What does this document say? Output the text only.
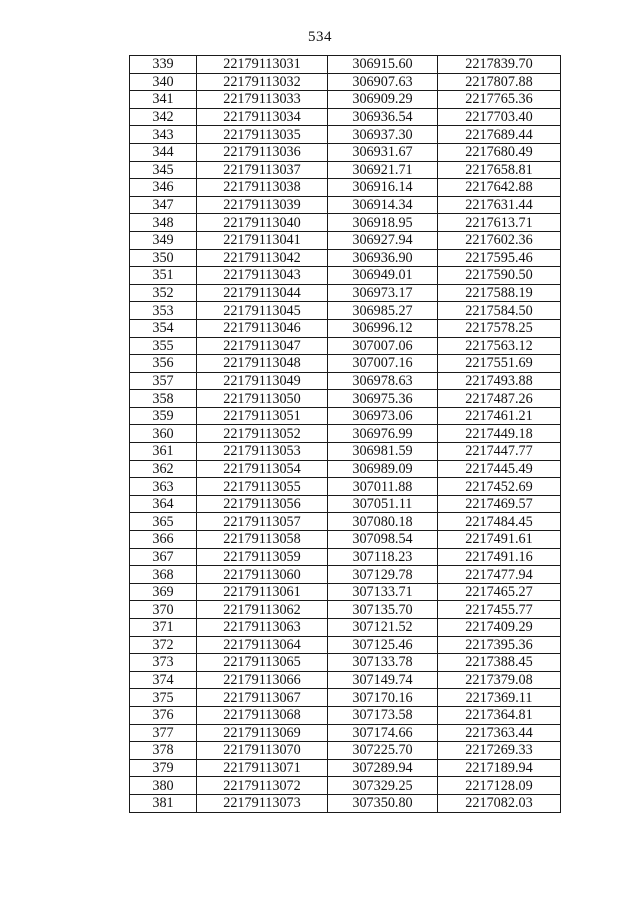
534
339	22179113031	306915.60	2217839.70
340	22179113032	306907.63	2217807.88
341	22179113033	306909.29	2217765.36
342	22179113034	306936.54	2217703.40
343	22179113035	306937.30	2217689.44
344	22179113036	306931.67	2217680.49
345	22179113037	306921.71	2217658.81
346	22179113038	306916.14	2217642.88
347	22179113039	306914.34	2217631.44
348	22179113040	306918.95	2217613.71
349	22179113041	306927.94	2217602.36
350	22179113042	306936.90	2217595.46
351	22179113043	306949.01	2217590.50
352	22179113044	306973.17	2217588.19
353	22179113045	306985.27	2217584.50
354	22179113046	306996.12	2217578.25
355	22179113047	307007.06	2217563.12
356	22179113048	307007.16	2217551.69
357	22179113049	306978.63	2217493.88
358	22179113050	306975.36	2217487.26
359	22179113051	306973.06	2217461.21
360	22179113052	306976.99	2217449.18
361	22179113053	306981.59	2217447.77
362	22179113054	306989.09	2217445.49
363	22179113055	307011.88	2217452.69
364	22179113056	307051.11	2217469.57
365	22179113057	307080.18	2217484.45
366	22179113058	307098.54	2217491.61
367	22179113059	307118.23	2217491.16
368	22179113060	307129.78	2217477.94
369	22179113061	307133.71	2217465.27
370	22179113062	307135.70	2217455.77
371	22179113063	307121.52	2217409.29
372	22179113064	307125.46	2217395.36
373	22179113065	307133.78	2217388.45
374	22179113066	307149.74	2217379.08
375	22179113067	307170.16	2217369.11
376	22179113068	307173.58	2217364.81
377	22179113069	307174.66	2217363.44
378	22179113070	307225.70	2217269.33
379	22179113071	307289.94	2217189.94
380	22179113072	307329.25	2217128.09
381	22179113073	307350.80	2217082.03
